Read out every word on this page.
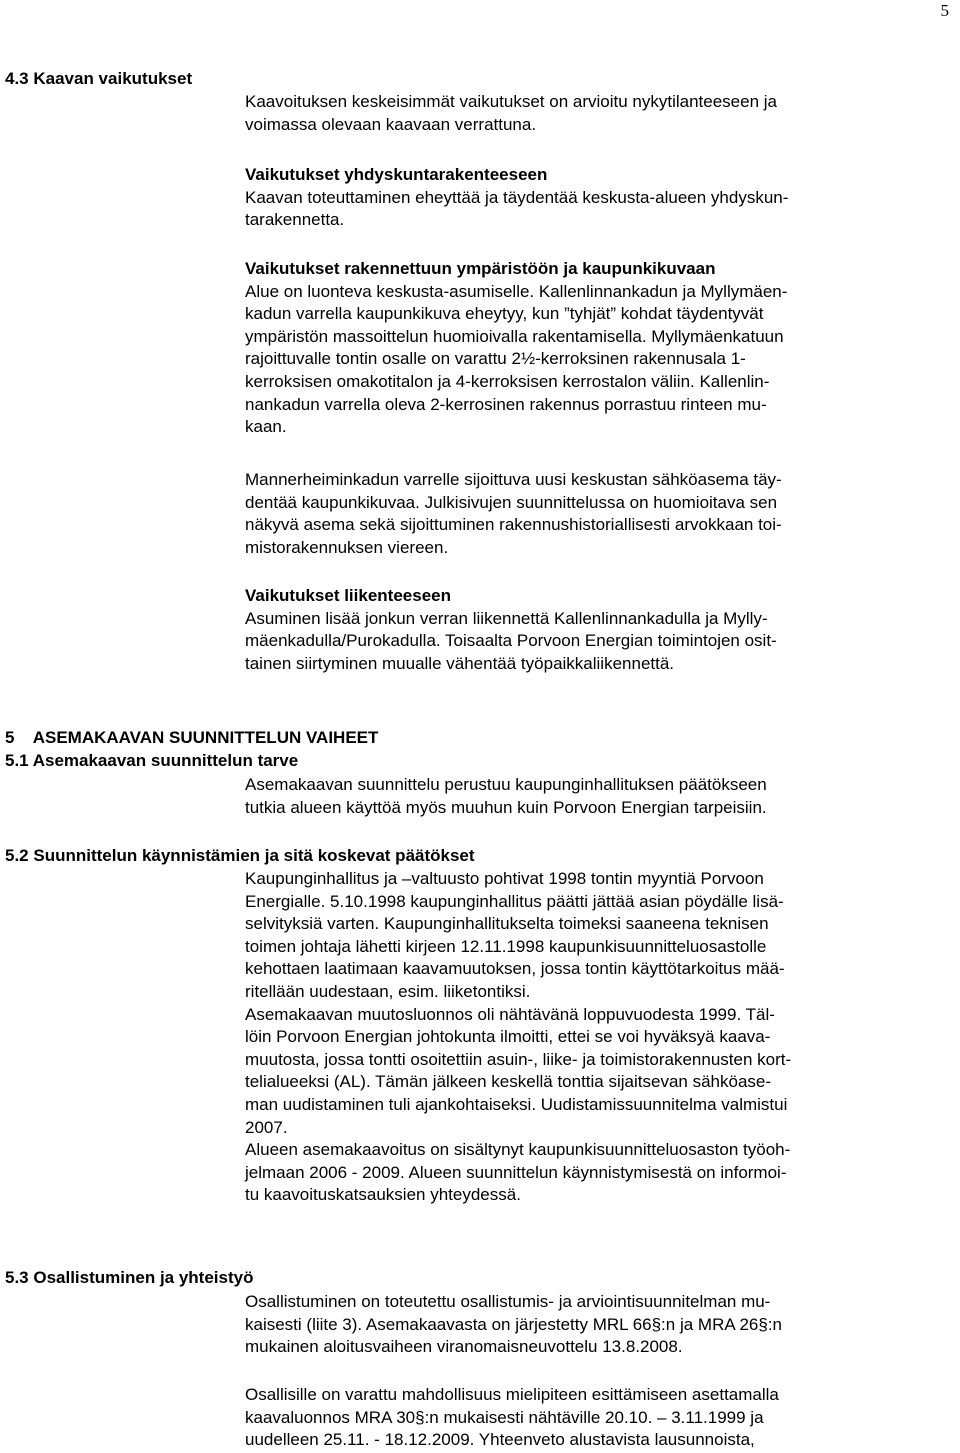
5
4.3 Kaavan vaikutukset
Kaavoituksen keskeisimmät vaikutukset on arvioitu nykytilanteeseen ja
voimassa olevaan kaavaan verrattuna.
Vaikutukset yhdyskuntarakenteeseen
Kaavan toteuttaminen eheyttää ja täydentää keskusta-alueen yhdyskun-
tarakennetta.
Vaikutukset rakennettuun ympäristöön ja kaupunkikuvaan
Alue on luonteva keskusta-asumiselle. Kallenlinnankadun ja Myllymäen-
kadun varrella kaupunkikuva eheytyy, kun ”tyhjät” kohdat täydentyvät
ympäristön massoittelun huomioivalla rakentamisella. Myllymäenkatuun
rajoittuvalle tontin osalle on varattu 2½-kerroksinen rakennusala 1-
kerroksisen omakotitalon ja 4-kerroksisen kerrostalon väliin. Kallenlin-
nankadun varrella oleva 2-kerrosinen rakennus porrastuu rinteen mu-
kaan.
Mannerheiminkadun varrelle sijoittuva uusi keskustan sähköasema täy-
dentää kaupunkikuvaa. Julkisivujen suunnittelussa on huomioitava sen
näkyvä asema sekä sijoittuminen rakennushistoriallisesti arvokkaan toi-
mistorakennuksen viereen.
Vaikutukset liikenteeseen
Asuminen lisää jonkun verran liikennettä Kallenlinnankadulla ja Mylly-
mäenkadulla/Purokadulla. Toisaalta Porvoon Energian toimintojen osit-
tainen siirtyminen muualle vähentää työpaikkaliikennettä.
5    ASEMAKAAVAN SUUNNITTELUN VAIHEET
5.1 Asemakaavan suunnittelun tarve
Asemakaavan suunnittelu perustuu kaupunginhallituksen päätökseen
tutkia alueen käyttöä myös muuhun kuin Porvoon Energian tarpeisiin.
5.2 Suunnittelun käynnistämien ja sitä koskevat päätökset
Kaupunginhallitus ja –valtuusto pohtivat 1998 tontin myyntiä Porvoon
Energialle. 5.10.1998 kaupunginhallitus päätti jättää asian pöydälle lisä-
selvityksiä varten. Kaupunginhallitukselta toimeksi saaneena teknisen
toimen johtaja lähetti kirjeen 12.11.1998 kaupunkisuunnitteluosastolle
kehottaen laatimaan kaavamuutoksen, jossa tontin käyttötarkoitus mää-
ritellään uudestaan, esim. liiketontiksi.
Asemakaavan muutosluonnos oli nähtävänä loppuvuodesta 1999. Täl-
löin Porvoon Energian johtokunta ilmoitti, ettei se voi hyväksyä kaava-
muutosta, jossa tontti osoitettiin asuin-, liike- ja toimistorakennusten kort-
telialueeksi (AL). Tämän jälkeen keskellä tonttia sijaitsevan sähköase-
man uudistaminen tuli ajankohtaiseksi. Uudistamissuunnitelma valmistui
2007.
Alueen asemakaavoitus on sisältynyt kaupunkisuunnitteluosaston työoh-
jelmaan 2006 - 2009. Alueen suunnittelun käynnistymisestä on informoi-
tu kaavoituskatsauksien yhteydessä.
5.3 Osallistuminen ja yhteistyö
Osallistuminen on toteutettu osallistumis- ja arviointisuunnitelman mu-
kaisesti (liite 3). Asemakaavasta on järjestetty MRL 66§:n ja MRA 26§:n
mukainen aloitusvaiheen viranomaisneuvottelu 13.8.2008.
Osallisille on varattu mahdollisuus mielipiteen esittämiseen asettamalla
kaavaluonnos MRA 30§:n mukaisesti nähtäville 20.10. – 3.11.1999 ja
uudelleen 25.11. - 18.12.2009. Yhteenveto alustavista lausunnoista,
